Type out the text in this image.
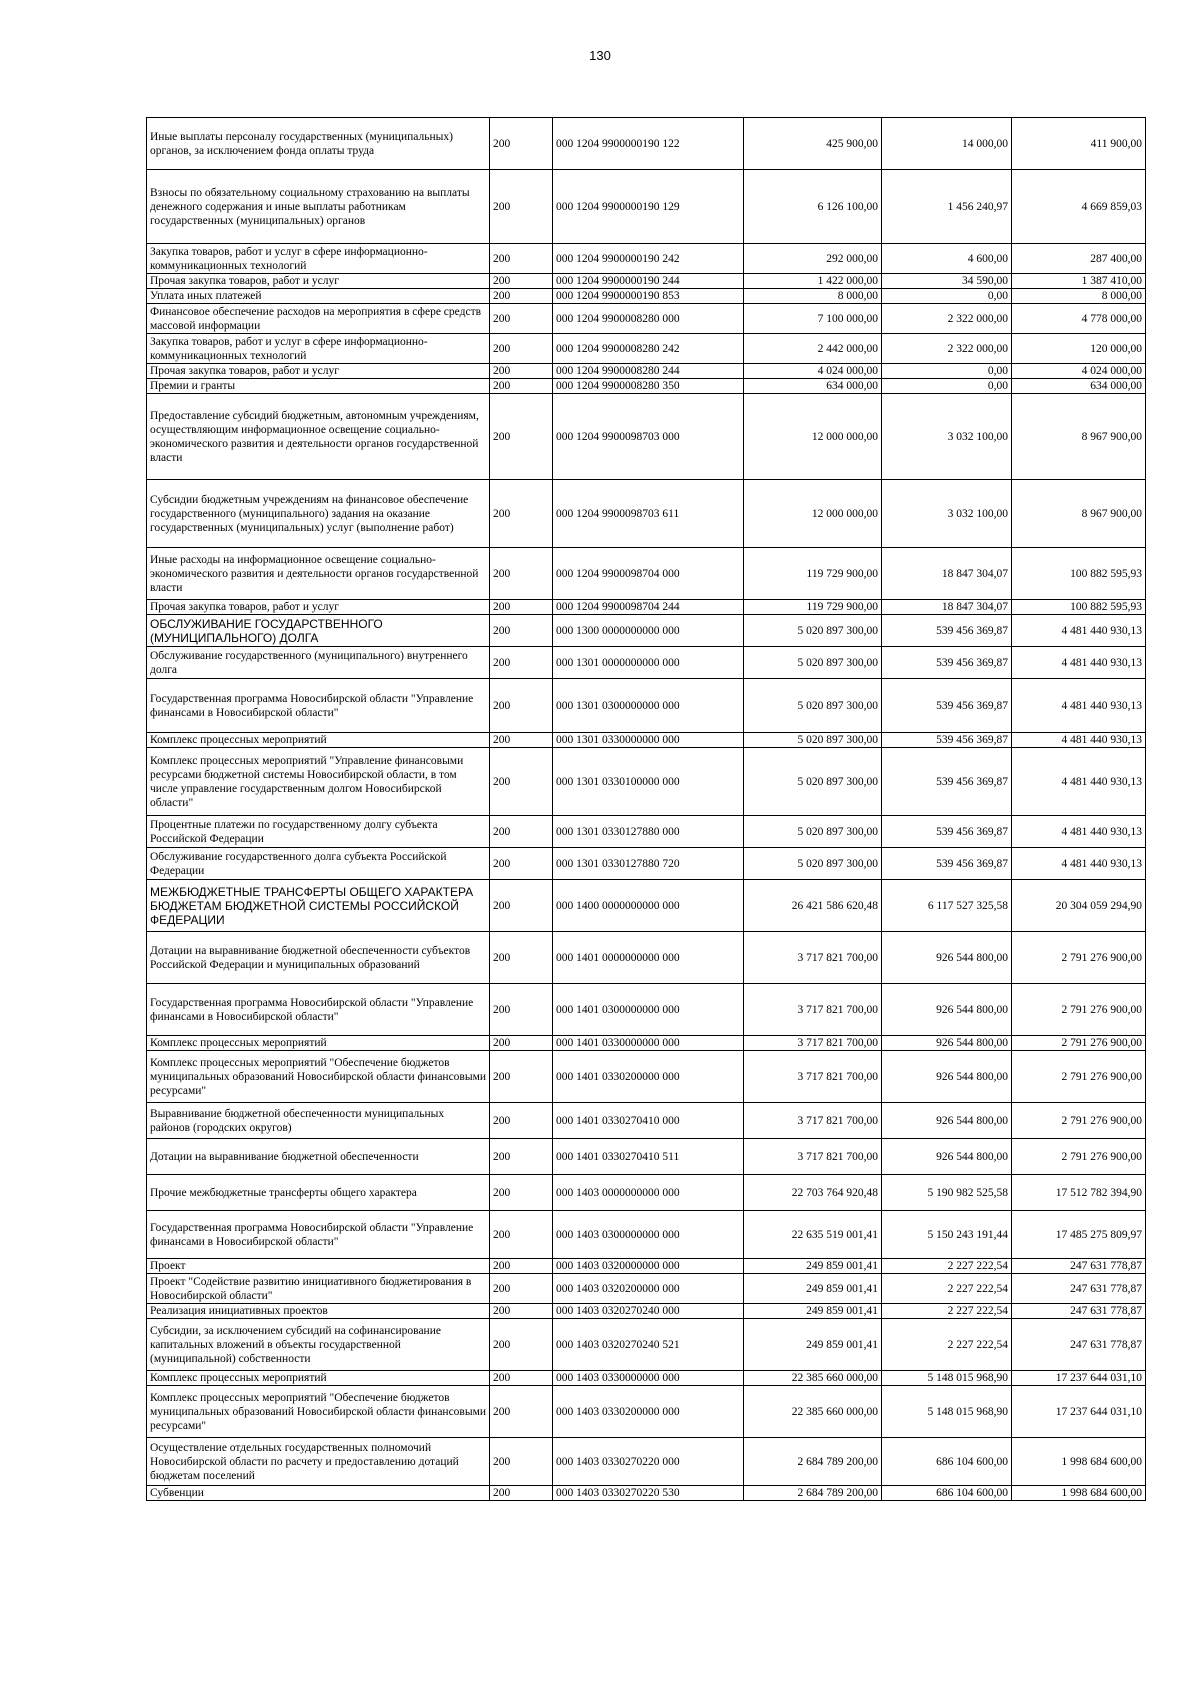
130
Иные выплаты персоналу государственных (муниципальных) органов, за исключением фонда оплаты труда	200	000 1204 9900000190 122	425 900,00	14 000,00	411 900,00
Взносы по обязательному социальному страхованию на выплаты денежного содержания и иные выплаты работникам государственных (муниципальных) органов	200	000 1204 9900000190 129	6 126 100,00	1 456 240,97	4 669 859,03
Закупка товаров, работ и услуг в сфере информационно-коммуникационных технологий	200	000 1204 9900000190 242	292 000,00	4 600,00	287 400,00
Прочая закупка товаров, работ и услуг	200	000 1204 9900000190 244	1 422 000,00	34 590,00	1 387 410,00
Уплата иных платежей	200	000 1204 9900000190 853	8 000,00	0,00	8 000,00
Финансовое обеспечение расходов на мероприятия в сфере средств массовой информации	200	000 1204 9900008280 000	7 100 000,00	2 322 000,00	4 778 000,00
Закупка товаров, работ и услуг в сфере информационно-коммуникационных технологий	200	000 1204 9900008280 242	2 442 000,00	2 322 000,00	120 000,00
Прочая закупка товаров, работ и услуг	200	000 1204 9900008280 244	4 024 000,00	0,00	4 024 000,00
Премии и гранты	200	000 1204 9900008280 350	634 000,00	0,00	634 000,00
Предоставление субсидий бюджетным, автономным учреждениям, осуществляющим информационное освещение социально-экономического развития и деятельности органов государственной власти	200	000 1204 9900098703 000	12 000 000,00	3 032 100,00	8 967 900,00
Субсидии бюджетным учреждениям на финансовое обеспечение государственного (муниципального) задания на оказание государственных (муниципальных) услуг (выполнение работ)	200	000 1204 9900098703 611	12 000 000,00	3 032 100,00	8 967 900,00
Иные расходы на информационное освещение социально-экономического развития и деятельности органов государственной власти	200	000 1204 9900098704 000	119 729 900,00	18 847 304,07	100 882 595,93
Прочая закупка товаров, работ и услуг	200	000 1204 9900098704 244	119 729 900,00	18 847 304,07	100 882 595,93
ОБСЛУЖИВАНИЕ ГОСУДАРСТВЕННОГО (МУНИЦИПАЛЬНОГО) ДОЛГА	200	000 1300 0000000000 000	5 020 897 300,00	539 456 369,87	4 481 440 930,13
Обслуживание государственного (муниципального) внутреннего долга	200	000 1301 0000000000 000	5 020 897 300,00	539 456 369,87	4 481 440 930,13
Государственная программа Новосибирской области "Управление финансами в Новосибирской области"	200	000 1301 0300000000 000	5 020 897 300,00	539 456 369,87	4 481 440 930,13
Комплекс процессных мероприятий	200	000 1301 0330000000 000	5 020 897 300,00	539 456 369,87	4 481 440 930,13
Комплекс процессных мероприятий "Управление финансовыми ресурсами бюджетной системы Новосибирской области, в том числе управление государственным долгом Новосибирской области"	200	000 1301 0330100000 000	5 020 897 300,00	539 456 369,87	4 481 440 930,13
Процентные платежи по государственному долгу субъекта Российской Федерации	200	000 1301 0330127880 000	5 020 897 300,00	539 456 369,87	4 481 440 930,13
Обслуживание государственного долга субъекта Российской Федерации	200	000 1301 0330127880 720	5 020 897 300,00	539 456 369,87	4 481 440 930,13
МЕЖБЮДЖЕТНЫЕ ТРАНСФЕРТЫ ОБЩЕГО ХАРАКТЕРА БЮДЖЕТАМ БЮДЖЕТНОЙ СИСТЕМЫ РОССИЙСКОЙ ФЕДЕРАЦИИ	200	000 1400 0000000000 000	26 421 586 620,48	6 117 527 325,58	20 304 059 294,90
Дотации на выравнивание бюджетной обеспеченности субъектов Российской Федерации и муниципальных образований	200	000 1401 0000000000 000	3 717 821 700,00	926 544 800,00	2 791 276 900,00
Государственная программа Новосибирской области "Управление финансами в Новосибирской области"	200	000 1401 0300000000 000	3 717 821 700,00	926 544 800,00	2 791 276 900,00
Комплекс процессных мероприятий	200	000 1401 0330000000 000	3 717 821 700,00	926 544 800,00	2 791 276 900,00
Комплекс процессных мероприятий "Обеспечение бюджетов муниципальных образований Новосибирской области финансовыми ресурсами"	200	000 1401 0330200000 000	3 717 821 700,00	926 544 800,00	2 791 276 900,00
Выравнивание бюджетной обеспеченности муниципальных районов (городских округов)	200	000 1401 0330270410 000	3 717 821 700,00	926 544 800,00	2 791 276 900,00
Дотации на выравнивание бюджетной обеспеченности	200	000 1401 0330270410 511	3 717 821 700,00	926 544 800,00	2 791 276 900,00
Прочие межбюджетные трансферты общего характера	200	000 1403 0000000000 000	22 703 764 920,48	5 190 982 525,58	17 512 782 394,90
Государственная программа Новосибирской области "Управление финансами в Новосибирской области"	200	000 1403 0300000000 000	22 635 519 001,41	5 150 243 191,44	17 485 275 809,97
Проект	200	000 1403 0320000000 000	249 859 001,41	2 227 222,54	247 631 778,87
Проект "Содействие развитию инициативного бюджетирования в Новосибирской области"	200	000 1403 0320200000 000	249 859 001,41	2 227 222,54	247 631 778,87
Реализация инициативных проектов	200	000 1403 0320270240 000	249 859 001,41	2 227 222,54	247 631 778,87
Субсидии, за исключением субсидий на софинансирование капитальных вложений в объекты государственной (муниципальной) собственности	200	000 1403 0320270240 521	249 859 001,41	2 227 222,54	247 631 778,87
Комплекс процессных мероприятий	200	000 1403 0330000000 000	22 385 660 000,00	5 148 015 968,90	17 237 644 031,10
Комплекс процессных мероприятий "Обеспечение бюджетов муниципальных образований Новосибирской области финансовыми ресурсами"	200	000 1403 0330200000 000	22 385 660 000,00	5 148 015 968,90	17 237 644 031,10
Осуществление отдельных государственных полномочий Новосибирской области по расчету и предоставлению дотаций бюджетам поселений	200	000 1403 0330270220 000	2 684 789 200,00	686 104 600,00	1 998 684 600,00
Субвенции	200	000 1403 0330270220 530	2 684 789 200,00	686 104 600,00	1 998 684 600,00
